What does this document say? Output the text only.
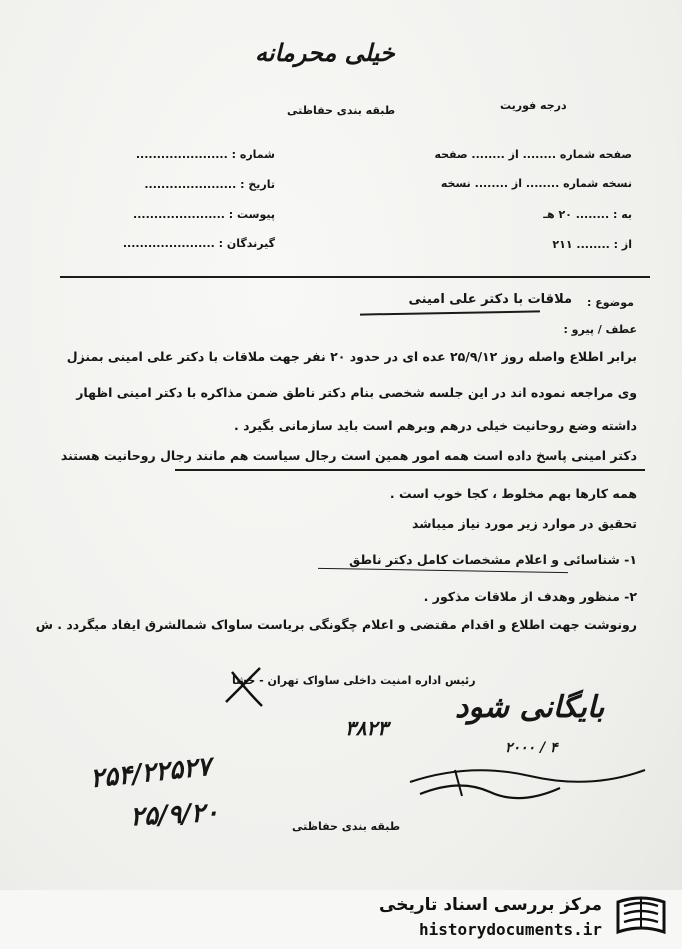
خیلی محرمانه
طبقه بندی حفاظتی	درجه فوریت
صفحه شماره ........ از ........ صفحه
نسخه شماره ........ از ........ نسخه
به : ........ ۲۰ هـ
از : ........ ۲۱۱
شماره : ......................
تاریخ : ......................
پیوست : ......................
گیرندگان : ......................
موضوع :
ملاقات با دکتر علی امینی
عطف / پیرو :
برابر اطلاع واصله روز ۲۵/۹/۱۲ عده ای در حدود ۲۰ نفر جهت ملاقات با دکتر علی امینی بمنزل
وی مراجعه نموده اند در این جلسه شخصی بنام دکتر ناطق ضمن مذاکره با دکتر امینی اظهار
داشته وضع روحانیت خیلی درهم وبرهم است باید سازمانی بگیرد .
دکتر امینی پاسخ داده است همه امور همین است رجال سیاست هم مانند رجال روحانیت هستند
همه کارها بهم مخلوط ، کجا خوب است .
تحقیق در موارد زیر مورد نیاز میباشد
۱- شناسائی و اعلام مشخصات کامل دکتر ناطق
۲- منظور وهدف از ملاقات مذکور .
رونوشت جهت اطلاع و اقدام مقتضی و اعلام چگونگی بریاست ساواک شمالشرق ایفاد میگردد . ش
رئیس اداره امنیت داخلی ساواک تهران - خشا
بایگانی شود
۳۸۲۳
۲۰۰۰ / ۴
۲۵۴/۲۲۵۲۷
۲۵/۹/۲۰	طبقه بندی حفاظتی
مرکز بررسی اسناد تاریخی
historydocuments.ir
